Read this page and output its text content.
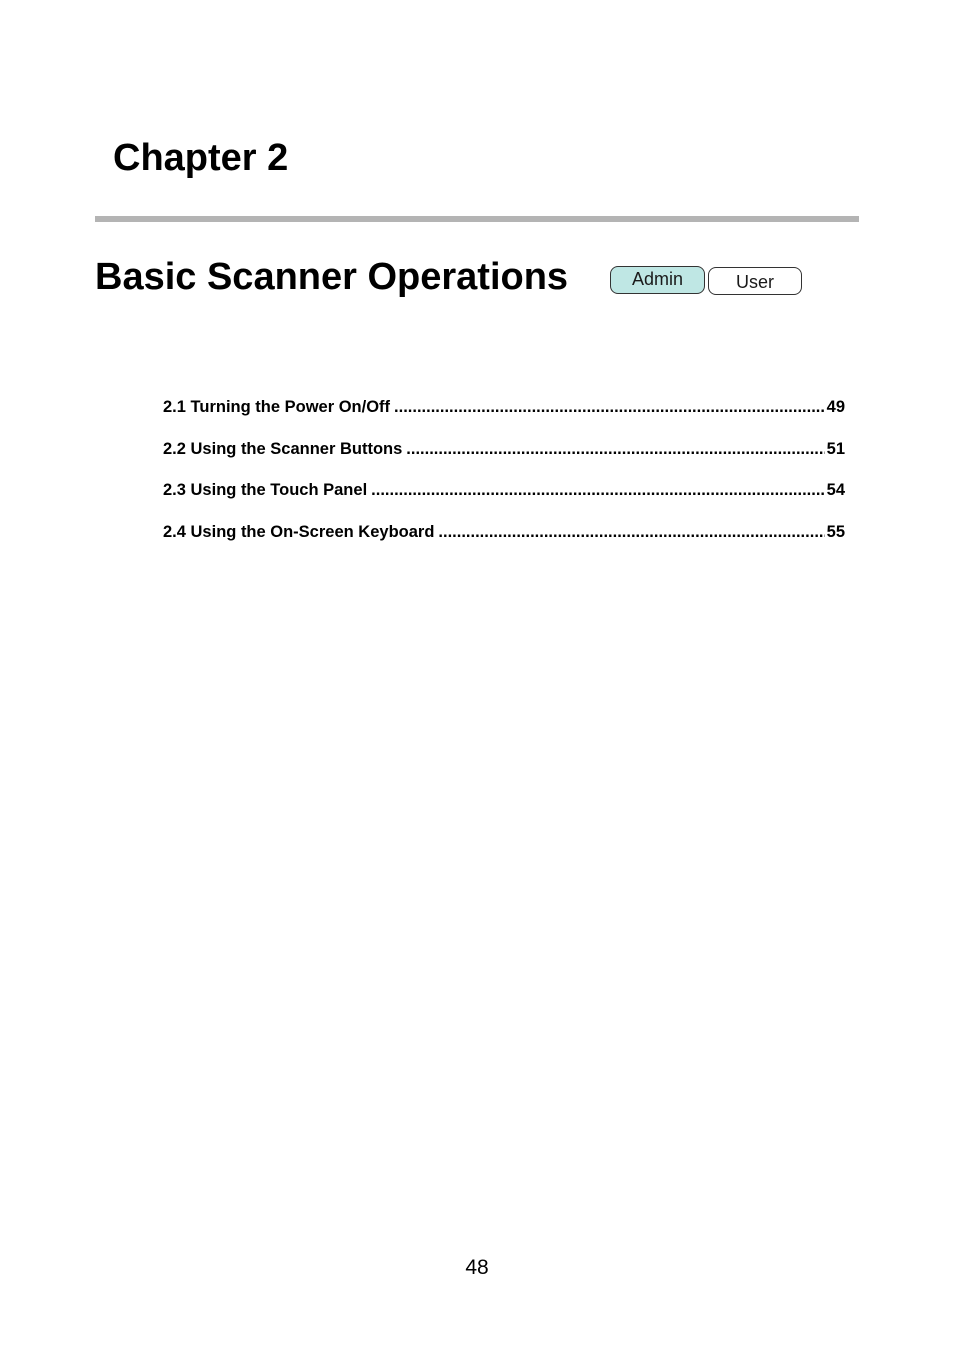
Chapter 2
Basic Scanner Operations	Admin	User
2.1 Turning the Power On/Off .....	49
2.2 Using the Scanner Buttons .....	51
2.3 Using the Touch Panel .....	54
2.4 Using the On-Screen Keyboard .....	55
48
